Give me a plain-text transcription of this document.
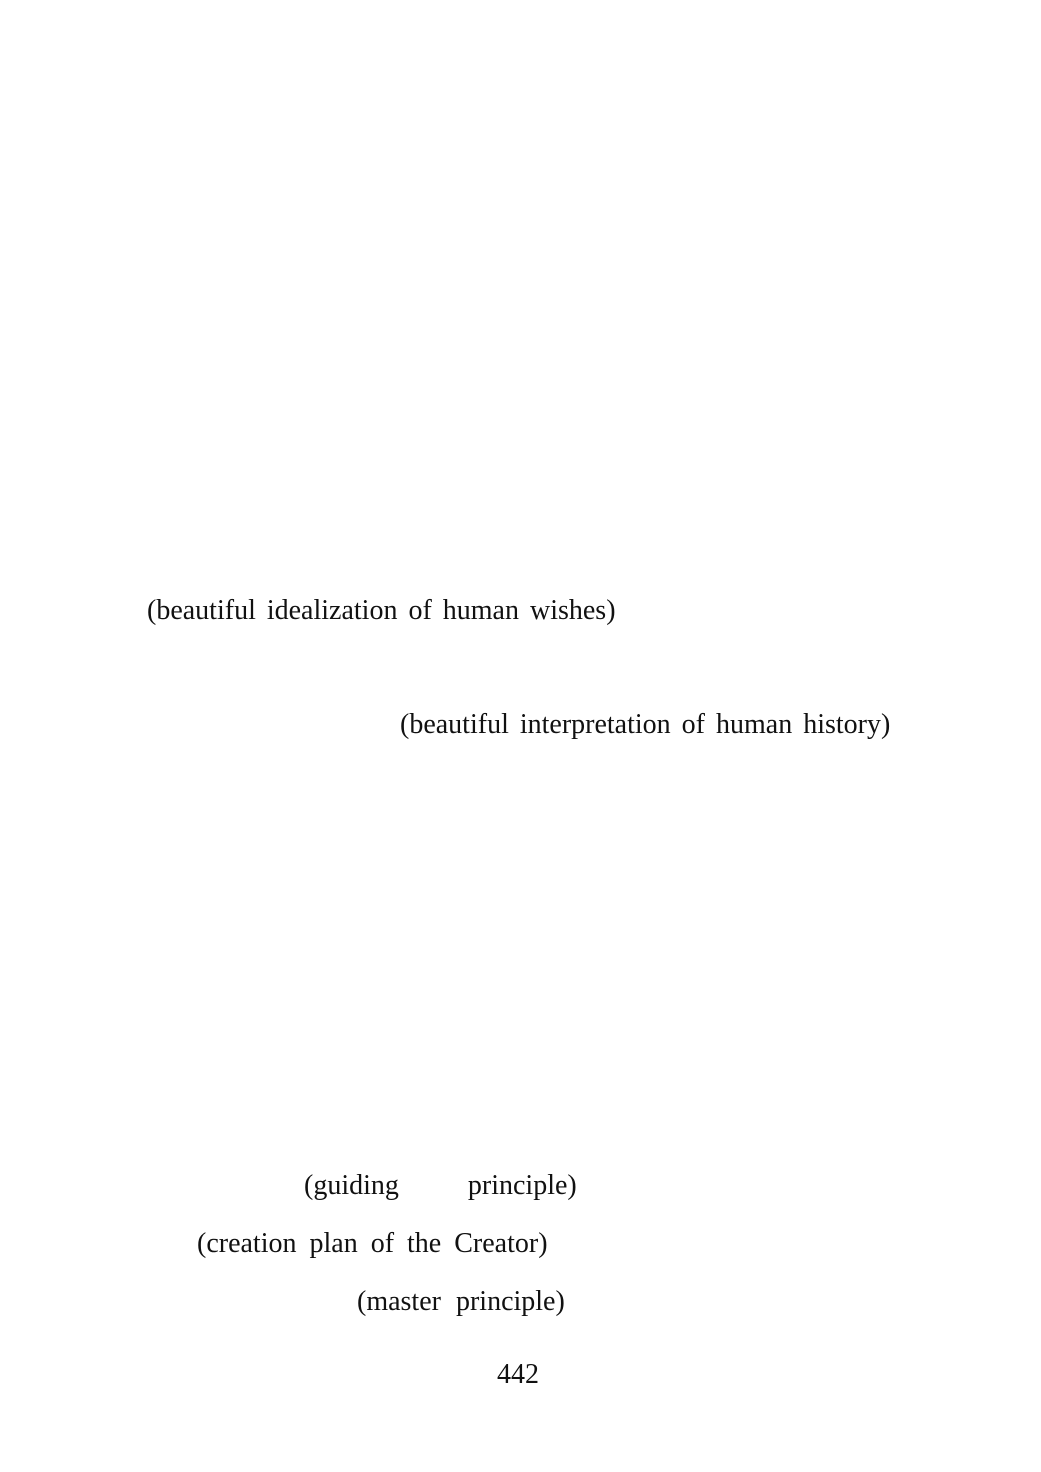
(beautiful idealization of human wishes)
(beautiful interpretation of human history)
(guiding   principle)
(creation plan of the Creator)
(master principle)
442
